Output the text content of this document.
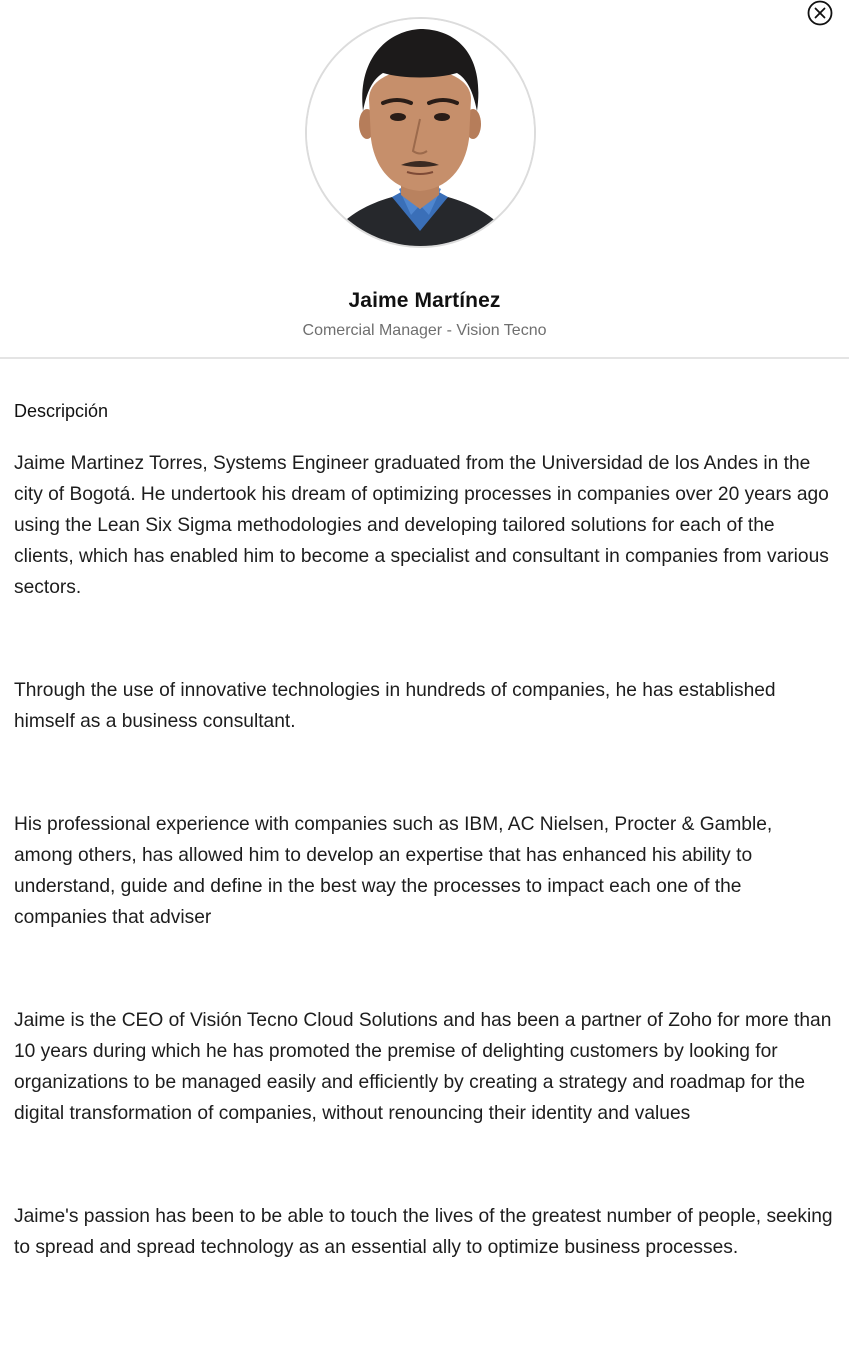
Jaime Martínez
Comercial Manager - Vision Tecno
Descripción

Jaime Martinez Torres, Systems Engineer graduated from the Universidad de los Andes in the city of Bogotá. He undertook his dream of optimizing processes in companies over 20 years ago using the Lean Six Sigma methodologies and developing tailored solutions for each of the clients, which has enabled him to become a specialist and consultant in companies from various sectors.

Through the use of innovative technologies in hundreds of companies, he has established himself as a business consultant.

His professional experience with companies such as IBM, AC Nielsen, Procter & Gamble, among others, has allowed him to develop an expertise that has enhanced his ability to understand, guide and define in the best way the processes to impact each one of the companies that adviser

Jaime is the CEO of Visión Tecno Cloud Solutions and has been a partner of Zoho for more than 10 years during which he has promoted the premise of delighting customers by looking for organizations to be managed easily and efficiently by creating a strategy and roadmap for the digital transformation of companies, without renouncing their identity and values

Jaime's passion has been to be able to touch the lives of the greatest number of people, seeking to spread and spread technology as an essential ally to optimize business processes.
